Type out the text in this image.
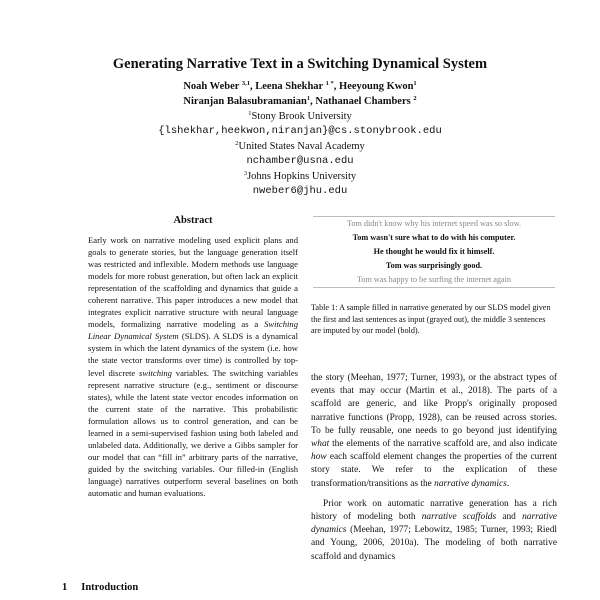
Generating Narrative Text in a Switching Dynamical System
Noah Weber $^{3,1}$, Leena Shekhar $^{1 *}$, Heeyoung Kwon$^1$
Niranjan Balasubramanian$^1$, Nathanael Chambers $^2$
$^1$Stony Brook University
{lshekhar,heekwon,niranjan}@cs.stonybrook.edu
$^2$United States Naval Academy
nchamber@usna.edu
$^3$Johns Hopkins University
nweber6@jhu.edu
Abstract
Early work on narrative modeling used explicit plans and goals to generate stories, but the language generation itself was restricted and inflexible. Modern methods use language models for more robust generation, but often lack an explicit representation of the scaffolding and dynamics that guide a coherent narrative. This paper introduces a new model that integrates explicit narrative structure with neural language models, formalizing narrative modeling as a Switching Linear Dynamical System (SLDS). A SLDS is a dynamical system in which the latent dynamics of the system (i.e. how the state vector transforms over time) is controlled by top-level discrete switching variables. The switching variables represent narrative structure (e.g., sentiment or discourse states), while the latent state vector encodes information on the current state of the narrative. This probabilistic formulation allows us to control generation, and can be learned in a semi-supervised fashion using both labeled and unlabeled data. Additionally, we derive a Gibbs sampler for our model that can “fill in” arbitrary parts of the narrative, guided by the switching variables. Our filled-in (English language) narratives outperform several baselines on both automatic and human evaluations.
1 Introduction
Tom didn't know why his internet speed was so slow.
Tom wasn't sure what to do with his computer.
He thought he would fix it himself.
Tom was surprisingly good.
Tom was happy to be surfing the internet again
Table 1: A sample filled in narrative generated by our SLDS model given the first and last sentences as input (grayed out), the middle 3 sentences are imputed by our model (bold).

the story (Meehan, 1977; Turner, 1993), or the abstract types of events that may occur (Martin et al., 2018). The parts of a scaffold are generic, and like Propp's originally proposed narrative functions (Propp, 1928), can be reused across stories. To be fully reusable, one needs to go beyond just identifying what the elements of the narrative scaffold are, and also indicate how each scaffold element changes the properties of the current story state. We refer to the explication of these transformation/transitions as the narrative dynamics.

Prior work on automatic narrative generation has a rich history of modeling both narrative scaffolds and narrative dynamics (Meehan, 1977; Lebowitz, 1985; Turner, 1993; Riedl and Young, 2006, 2010a). The modeling of both narrative scaffold and dynamics
